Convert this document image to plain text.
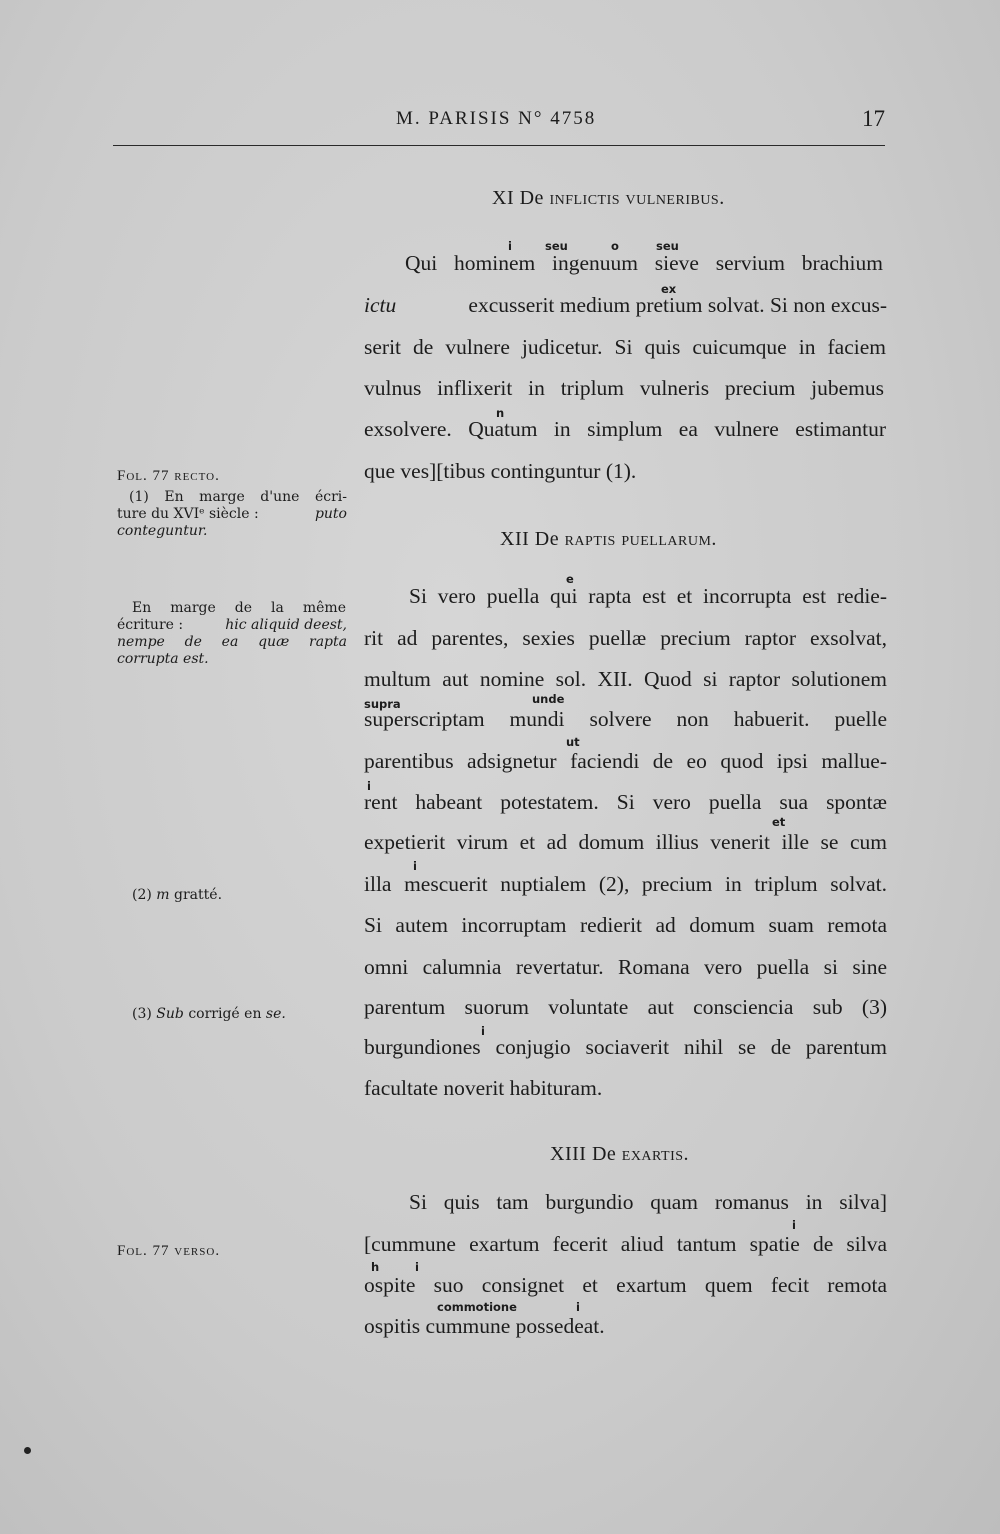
M. PARISIS N° 4758	17
XI De inflictis vulneribus.
i	seu	o	seu
Qui hominem ingenuum sieve servium brachium
ex
ictu	excusserit medium pretium solvat. Si non excus-
serit de vulnere judicetur. Si quis cuicumque in faciem
vulnus inflixerit in triplum vulneris precium jubemus
n
exsolvere. Quatum in simplum ea vulnere estimantur
que ves][tibus continguntur (1).
XII De raptis puellarum.
e
Si vero puella qui rapta est et incorrupta est redie-
rit ad parentes, sexies puellæ precium raptor exsolvat,
multum aut nomine sol. XII. Quod si raptor solutionem
supra	unde
superscriptam mundi solvere non habuerit. puelle
ut
parentibus adsignetur faciendi de eo quod ipsi mallue-
i
rent habeant potestatem. Si vero puella sua spontæ
et
expetierit virum et ad domum illius venerit ille se cum
i
illa mescuerit nuptialem (2), precium in triplum solvat.
Si autem incorruptam redierit ad domum suam remota
omni calumnia revertatur. Romana vero puella si sine
parentum suorum voluntate aut consciencia sub (3)
i
burgundiones conjugio sociaverit nihil se de parentum
facultate noverit habituram.
XIII De exartis.
Si quis tam burgundio quam romanus in silva]
i
[cummune exartum fecerit aliud tantum spatie de silva
h	i
ospite suo consignet et exartum quem fecit remota
commotione	i
ospitis cummune possedeat.
Fol. 77 recto.
(1) En marge d'une écri-
ture du XVIᵉ siècle :	puto
conteguntur.
En marge de la même
écriture :	hic aliquid deest,
nempe de ea quæ rapta
corrupta est.
(2) m gratté.
(3) Sub corrigé en se.
Fol. 77 verso.
